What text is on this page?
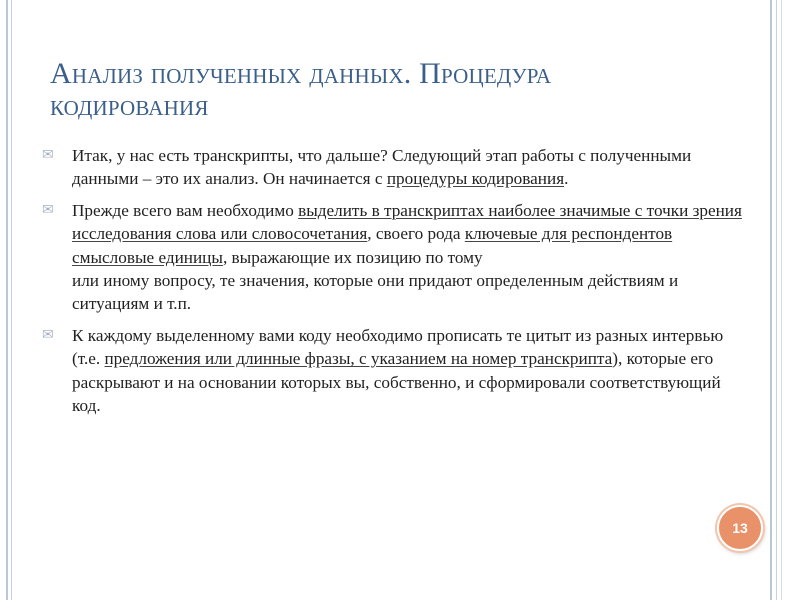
Анализ полученных данных. Процедура
кодирования

✉ Итак, у нас есть транскрипты, что дальше? Следующий этап работы с полученными данными – это их анализ. Он начинается с процедуры кодирования.

✉ Прежде всего вам необходимо выделить в транскриптах наиболее значимые с точки зрения исследования слова или словосочетания, своего рода ключевые для респондентов смысловые единицы, выражающие их позицию по тому
или иному вопросу, те значения, которые они придают определенным действиям и ситуациям и т.п.

✉ К каждому выделенному вами коду необходимо прописать те цитыт из разных интервью (т.е. предложения или длинные фразы, с указанием на номер транскрипта), которые его раскрывают и на основании которых вы, собственно, и сформировали соответствующий код.

13
